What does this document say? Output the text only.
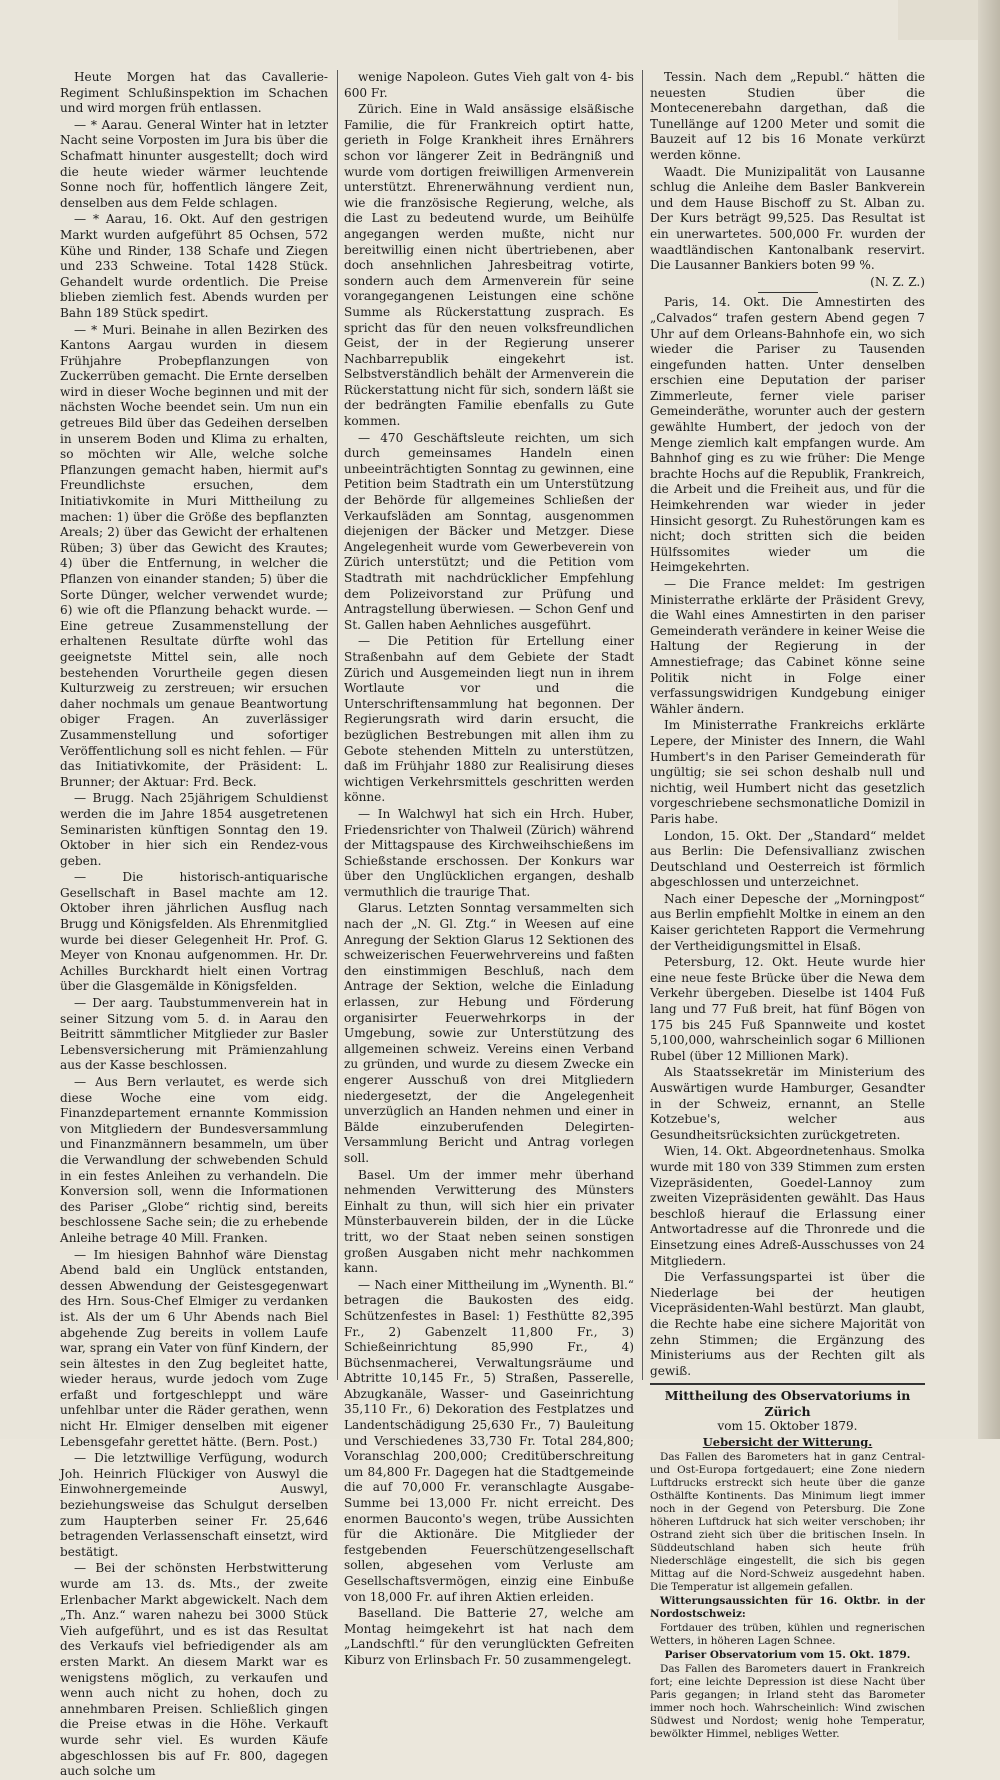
Heute Morgen hat das Cavallerie-Regiment Schlußinspektion im Schachen und wird morgen früh entlassen.

— * Aarau. General Winter hat in letzter Nacht seine Vorposten im Jura bis über die Schafmatt hinunter ausgestellt; doch wird die heute wieder wärmer leuchtende Sonne noch für, hoffentlich längere Zeit, denselben aus dem Felde schlagen.

— * Aarau, 16. Okt. Auf den gestrigen Markt wurden aufgeführt 85 Ochsen, 572 Kühe und Rinder, 138 Schafe und Ziegen und 233 Schweine. Total 1428 Stück. Gehandelt wurde ordentlich. Die Preise blieben ziemlich fest. Abends wurden per Bahn 189 Stück spedirt.

— * Muri. Beinahe in allen Bezirken des Kantons Aargau wurden in diesem Frühjahre Probepflanzungen von Zuckerrüben gemacht. Die Ernte derselben wird in dieser Woche beginnen und mit der nächsten Woche beendet sein. Um nun ein getreues Bild über das Gedeihen derselben in unserem Boden und Klima zu erhalten, so möchten wir Alle, welche solche Pflanzungen gemacht haben, hiermit auf's Freundlichste ersuchen, dem Initiativkomite in Muri Mittheilung zu machen: 1) über die Größe des bepflanzten Areals; 2) über das Gewicht der erhaltenen Rüben; 3) über das Gewicht des Krautes; 4) über die Entfernung, in welcher die Pflanzen von einander standen; 5) über die Sorte Dünger, welcher verwendet wurde; 6) wie oft die Pflanzung behackt wurde. — Eine getreue Zusammenstellung der erhaltenen Resultate dürfte wohl das geeignetste Mittel sein, alle noch bestehenden Vorurtheile gegen diesen Kulturzweig zu zerstreuen; wir ersuchen daher nochmals um genaue Beantwortung obiger Fragen. An zuverlässiger Zusammenstellung und sofortiger Veröffentlichung soll es nicht fehlen. — Für das Initiativkomite, der Präsident: L. Brunner; der Aktuar: Frd. Beck.

— Brugg. Nach 25jährigem Schuldienst werden die im Jahre 1854 ausgetretenen Seminaristen künftigen Sonntag den 19. Oktober in hier sich ein Rendez-vous geben.

— Die historisch-antiquarische Gesellschaft in Basel machte am 12. Oktober ihren jährlichen Ausflug nach Brugg und Königsfelden. Als Ehrenmitglied wurde bei dieser Gelegenheit Hr. Prof. G. Meyer von Knonau aufgenommen. Hr. Dr. Achilles Burckhardt hielt einen Vortrag über die Glasgemälde in Königsfelden.

— Der aarg. Taubstummenverein hat in seiner Sitzung vom 5. d. in Aarau den Beitritt sämmtlicher Mitglieder zur Basler Lebensversicherung mit Prämienzahlung aus der Kasse beschlossen.

— Aus Bern verlautet, es werde sich diese Woche eine vom eidg. Finanzdepartement ernannte Kommission von Mitgliedern der Bundesversammlung und Finanzmännern besammeln, um über die Verwandlung der schwebenden Schuld in ein festes Anleihen zu verhandeln. Die Konversion soll, wenn die Informationen des Pariser „Globe“ richtig sind, bereits beschlossene Sache sein; die zu erhebende Anleihe betrage 40 Mill. Franken.

— Im hiesigen Bahnhof wäre Dienstag Abend bald ein Unglück entstanden, dessen Abwendung der Geistesgegenwart des Hrn. Sous-Chef Elmiger zu verdanken ist. Als der um 6 Uhr Abends nach Biel abgehende Zug bereits in vollem Laufe war, sprang ein Vater von fünf Kindern, der sein ältestes in den Zug begleitet hatte, wieder heraus, wurde jedoch vom Zuge erfaßt und fortgeschleppt und wäre unfehlbar unter die Räder gerathen, wenn nicht Hr. Elmiger denselben mit eigener Lebensgefahr gerettet hätte. (Bern. Post.)

— Die letztwillige Verfügung, wodurch Joh. Heinrich Flückiger von Auswyl die Einwohnergemeinde Auswyl, beziehungsweise das Schulgut derselben zum Haupterben seiner Fr. 25,646 betragenden Verlassenschaft einsetzt, wird bestätigt.

— Bei der schönsten Herbstwitterung wurde am 13. ds. Mts., der zweite Erlenbacher Markt abgewickelt. Nach dem „Th. Anz.“ waren nahezu bei 3000 Stück Vieh aufgeführt, und es ist das Resultat des Verkaufs viel befriedigender als am ersten Markt. An diesem Markt war es wenigstens möglich, zu verkaufen und wenn auch nicht zu hohen, doch zu annehmbaren Preisen. Schließlich gingen die Preise etwas in die Höhe. Verkauft wurde sehr viel. Es wurden Käufe abgeschlossen bis auf Fr. 800, dagegen auch solche um

wenige Napoleon. Gutes Vieh galt von 4- bis 600 Fr.

Zürich. Eine in Wald ansässige elsäßische Familie, die für Frankreich optirt hatte, gerieth in Folge Krankheit ihres Ernährers schon vor längerer Zeit in Bedrängniß und wurde vom dortigen freiwilligen Armenverein unterstützt. Ehrenerwähnung verdient nun, wie die französische Regierung, welche, als die Last zu bedeutend wurde, um Beihülfe angegangen werden mußte, nicht nur bereitwillig einen nicht übertriebenen, aber doch ansehnlichen Jahresbeitrag votirte, sondern auch dem Armenverein für seine vorangegangenen Leistungen eine schöne Summe als Rückerstattung zusprach. Es spricht das für den neuen volksfreundlichen Geist, der in der Regierung unserer Nachbarrepublik eingekehrt ist. Selbstverständlich behält der Armenverein die Rückerstattung nicht für sich, sondern läßt sie der bedrängten Familie ebenfalls zu Gute kommen.

— 470 Geschäftsleute reichten, um sich durch gemeinsames Handeln einen unbeeinträchtigten Sonntag zu gewinnen, eine Petition beim Stadtrath ein um Unterstützung der Behörde für allgemeines Schließen der Verkaufsläden am Sonntag, ausgenommen diejenigen der Bäcker und Metzger. Diese Angelegenheit wurde vom Gewerbeverein von Zürich unterstützt; und die Petition vom Stadtrath mit nachdrücklicher Empfehlung dem Polizeivorstand zur Prüfung und Antragstellung überwiesen. — Schon Genf und St. Gallen haben Aehnliches ausgeführt.

— Die Petition für Ertellung einer Straßenbahn auf dem Gebiete der Stadt Zürich und Ausgemeinden liegt nun in ihrem Wortlaute vor und die Unterschriftensammlung hat begonnen. Der Regierungsrath wird darin ersucht, die bezüglichen Bestrebungen mit allen ihm zu Gebote stehenden Mitteln zu unterstützen, daß im Frühjahr 1880 zur Realisirung dieses wichtigen Verkehrsmittels geschritten werden könne.

— In Walchwyl hat sich ein Hrch. Huber, Friedensrichter von Thalweil (Zürich) während der Mittagspause des Kirchweihschießens im Schießstande erschossen. Der Konkurs war über den Unglücklichen ergangen, deshalb vermuthlich die traurige That.

Glarus. Letzten Sonntag versammelten sich nach der „N. Gl. Ztg.“ in Weesen auf eine Anregung der Sektion Glarus 12 Sektionen des schweizerischen Feuerwehrvereins und faßten den einstimmigen Beschluß, nach dem Antrage der Sektion, welche die Einladung erlassen, zur Hebung und Förderung organisirter Feuerwehrkorps in der Umgebung, sowie zur Unterstützung des allgemeinen schweiz. Vereins einen Verband zu gründen, und wurde zu diesem Zwecke ein engerer Ausschuß von drei Mitgliedern niedergesetzt, der die Angelegenheit unverzüglich an Handen nehmen und einer in Bälde einzuberufenden Delegirten-Versammlung Bericht und Antrag vorlegen soll.

Basel. Um der immer mehr überhand nehmenden Verwitterung des Münsters Einhalt zu thun, will sich hier ein privater Münsterbauverein bilden, der in die Lücke tritt, wo der Staat neben seinen sonstigen großen Ausgaben nicht mehr nachkommen kann.

— Nach einer Mittheilung im „Wynenth. Bl.“ betragen die Baukosten des eidg. Schützenfestes in Basel: 1) Festhütte 82,395 Fr., 2) Gabenzelt 11,800 Fr., 3) Schießeinrichtung 85,990 Fr., 4) Büchsenmacherei, Verwaltungsräume und Abtritte 10,145 Fr., 5) Straßen, Passerelle, Abzugkanäle, Wasser- und Gaseinrichtung 35,110 Fr., 6) Dekoration des Festplatzes und Landentschädigung 25,630 Fr., 7) Bauleitung und Verschiedenes 33,730 Fr. Total 284,800; Voranschlag 200,000; Creditüberschreitung um 84,800 Fr. Dagegen hat die Stadtgemeinde die auf 70,000 Fr. veranschlagte Ausgabe-Summe bei 13,000 Fr. nicht erreicht. Des enormen Bauconto's wegen, trübe Aussichten für die Aktionäre. Die Mitglieder der festgebenden Feuerschützengesellschaft sollen, abgesehen vom Verluste am Gesellschaftsvermögen, einzig eine Einbuße von 18,000 Fr. auf ihren Aktien erleiden.

Baselland. Die Batterie 27, welche am Montag heimgekehrt ist hat nach dem „Landschftl.“ für den verunglückten Gefreiten Kiburz von Erlinsbach Fr. 50 zusammengelegt.

Tessin. Nach dem „Republ.“ hätten die neuesten Studien über die Montecenerebahn dargethan, daß die Tunellänge auf 1200 Meter und somit die Bauzeit auf 12 bis 16 Monate verkürzt werden könne.

Waadt. Die Munizipalität von Lausanne schlug die Anleihe dem Basler Bankverein und dem Hause Bischoff zu St. Alban zu. Der Kurs beträgt 99,525. Das Resultat ist ein unerwartetes. 500,000 Fr. wurden der waadtländischen Kantonalbank reservirt. Die Lausanner Bankiers boten 99 %.

(N. Z. Z.)

Paris, 14. Okt. Die Amnestirten des „Calvados“ trafen gestern Abend gegen 7 Uhr auf dem Orleans-Bahnhofe ein, wo sich wieder die Pariser zu Tausenden eingefunden hatten. Unter denselben erschien eine Deputation der pariser Zimmerleute, ferner viele pariser Gemeinderäthe, worunter auch der gestern gewählte Humbert, der jedoch von der Menge ziemlich kalt empfangen wurde. Am Bahnhof ging es zu wie früher: Die Menge brachte Hochs auf die Republik, Frankreich, die Arbeit und die Freiheit aus, und für die Heimkehrenden war wieder in jeder Hinsicht gesorgt. Zu Ruhestörungen kam es nicht; doch stritten sich die beiden Hülfssomites wieder um die Heimgekehrten.

— Die France meldet: Im gestrigen Ministerrathe erklärte der Präsident Grevy, die Wahl eines Amnestirten in den pariser Gemeinderath verändere in keiner Weise die Haltung der Regierung in der Amnestiefrage; das Cabinet könne seine Politik nicht in Folge einer verfassungswidrigen Kundgebung einiger Wähler ändern.

Im Ministerrathe Frankreichs erklärte Lepere, der Minister des Innern, die Wahl Humbert's in den Pariser Gemeinderath für ungültig; sie sei schon deshalb null und nichtig, weil Humbert nicht das gesetzlich vorgeschriebene sechsmonatliche Domizil in Paris habe.

London, 15. Okt. Der „Standard“ meldet aus Berlin: Die Defensivallianz zwischen Deutschland und Oesterreich ist förmlich abgeschlossen und unterzeichnet.

Nach einer Depesche der „Morningpost“ aus Berlin empfiehlt Moltke in einem an den Kaiser gerichteten Rapport die Vermehrung der Vertheidigungsmittel in Elsaß.

Petersburg, 12. Okt. Heute wurde hier eine neue feste Brücke über die Newa dem Verkehr übergeben. Dieselbe ist 1404 Fuß lang und 77 Fuß breit, hat fünf Bögen von 175 bis 245 Fuß Spannweite und kostet 5,100,000, wahrscheinlich sogar 6 Millionen Rubel (über 12 Millionen Mark).

Als Staatssekretär im Ministerium des Auswärtigen wurde Hamburger, Gesandter in der Schweiz, ernannt, an Stelle Kotzebue's, welcher aus Gesundheitsrücksichten zurückgetreten.

Wien, 14. Okt. Abgeordnetenhaus. Smolka wurde mit 180 von 339 Stimmen zum ersten Vizepräsidenten, Goedel-Lannoy zum zweiten Vizepräsidenten gewählt. Das Haus beschloß hierauf die Erlassung einer Antwortadresse auf die Thronrede und die Einsetzung eines Adreß-Ausschusses von 24 Mitgliedern.

Die Verfassungspartei ist über die Niederlage bei der heutigen Vicepräsidenten-Wahl bestürzt. Man glaubt, die Rechte habe eine sichere Majorität von zehn Stimmen; die Ergänzung des Ministeriums aus der Rechten gilt als gewiß.

Mittheilung des Observatoriums in Zürich
vom 15. Oktober 1879.
Uebersicht der Witterung.

Das Fallen des Barometers hat in ganz Central- und Ost-Europa fortgedauert; eine Zone niedern Luftdrucks erstreckt sich heute über die ganze Osthälfte Kontinents. Das Minimum liegt immer noch in der Gegend von Petersburg. Die Zone höheren Luftdruck hat sich weiter verschoben; ihr Ostrand zieht sich über die britischen Inseln. In Süddeutschland haben sich heute früh Niederschläge eingestellt, die sich bis gegen Mittag auf die Nord-Schweiz ausgedehnt haben. Die Temperatur ist allgemein gefallen.

Witterungsaussichten für 16. Oktbr. in der Nordostschweiz:

Fortdauer des trüben, kühlen und regnerischen Wetters, in höheren Lagen Schnee.

Pariser Observatorium vom 15. Okt. 1879.

Das Fallen des Barometers dauert in Frankreich fort; eine leichte Depression ist diese Nacht über Paris gegangen; in Irland steht das Barometer immer noch hoch. Wahrscheinlich: Wind zwischen Südwest und Nordost; wenig hohe Temperatur, bewölkter Himmel, nebliges Wetter.
